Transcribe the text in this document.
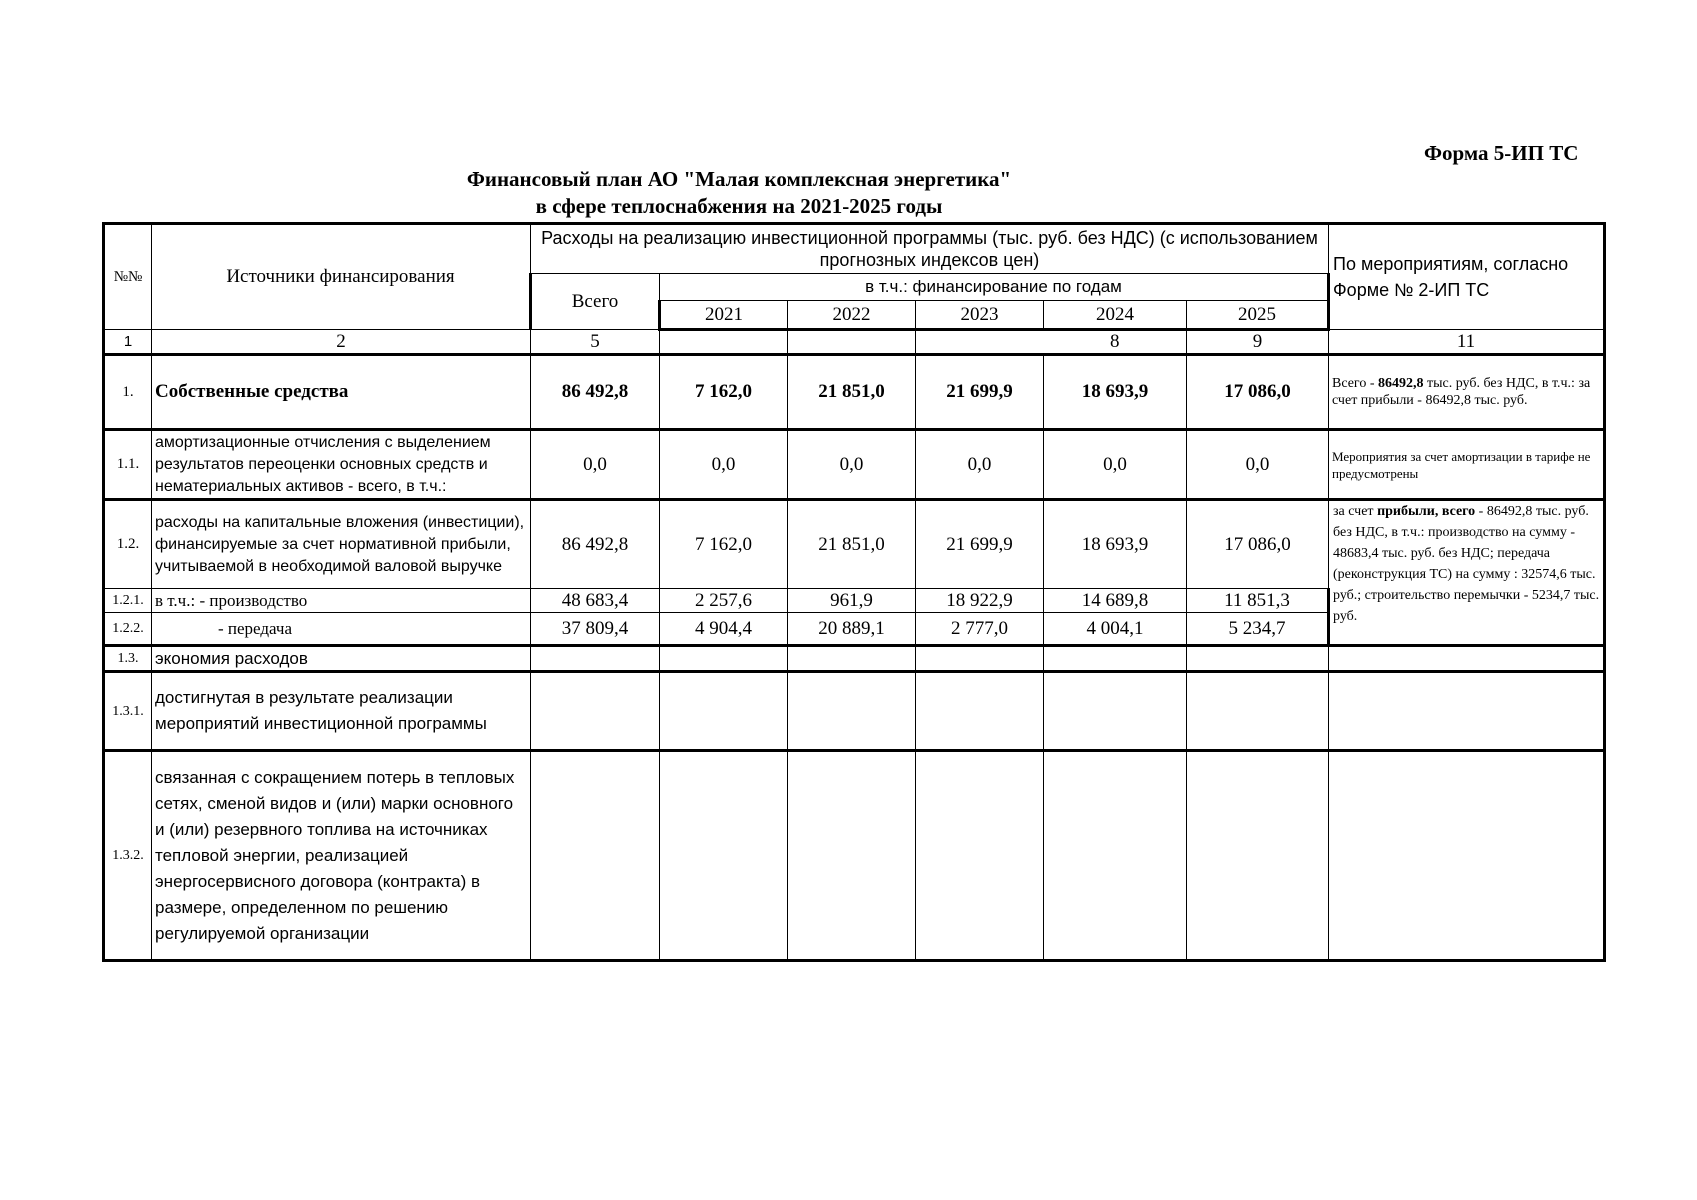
Форма 5-ИП ТС
Финансовый план АО "Малая комплексная энергетика"
в сфере теплоснабжения на 2021-2025 годы
№№	Источники финансирования	Расходы на реализацию инвестиционной программы (тыс. руб. без НДС) (с использованием прогнозных индексов цен)						По мероприятиям, согласно Форме № 2-ИП ТС
		Всего	в т.ч.: финансирование по годам					
			2021	2022	2023	2024	2025	
1	2	5				8	9	11
1.	Собственные средства	86 492,8	7 162,0	21 851,0	21 699,9	18 693,9	17 086,0	Всего - 86492,8 тыс. руб. без НДС, в т.ч.: за счет прибыли - 86492,8 тыс. руб.
1.1.	амортизационные отчисления с выделением результатов переоценки основных средств и нематериальных активов - всего, в т.ч.:	0,0	0,0	0,0	0,0	0,0	0,0	Мероприятия за счет амортизации в тарифе не предусмотрены
1.2.	расходы на капитальные вложения (инвестиции), финансируемые за счет нормативной прибыли, учитываемой в необходимой валовой выручке	86 492,8	7 162,0	21 851,0	21 699,9	18 693,9	17 086,0	за счет прибыли, всего - 86492,8 тыс. руб. без НДС, в т.ч.: производство на сумму - 48683,4 тыс. руб. без НДС; передача (реконструкция ТС) на сумму : 32574,6 тыс. руб.; строительство перемычки - 5234,7 тыс. руб.
1.2.1.	в т.ч.: - производство	48 683,4	2 257,6	961,9	18 922,9	14 689,8	11 851,3	
1.2.2.	- передача	37 809,4	4 904,4	20 889,1	2 777,0	4 004,1	5 234,7	
1.3.	экономия расходов							
1.3.1.	достигнутая в результате реализации мероприятий инвестиционной программы							
1.3.2.	связанная с сокращением потерь в тепловых сетях, сменой видов и (или) марки основного и (или) резервного топлива на источниках тепловой энергии, реализацией энергосервисного договора (контракта) в размере, определенном по решению регулируемой организации							
